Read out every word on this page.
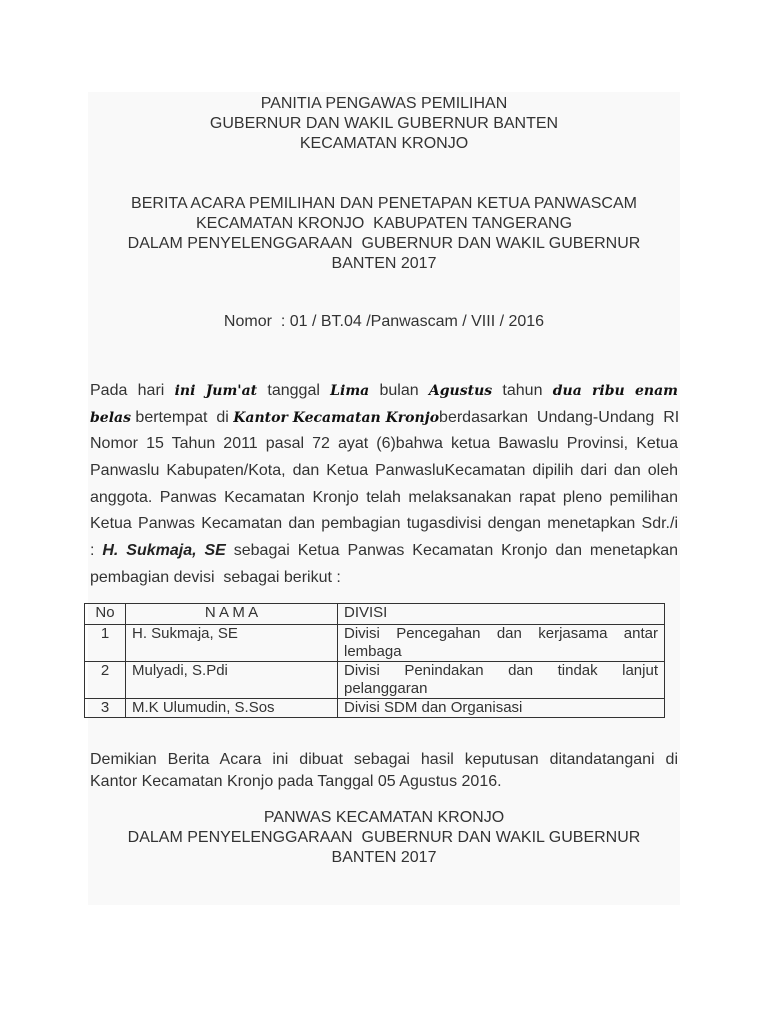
PANITIA PENGAWAS PEMILIHAN
GUBERNUR DAN WAKIL GUBERNUR BANTEN
KECAMATAN KRONJO
BERITA ACARA PEMILIHAN DAN PENETAPAN KETUA PANWASCAM
KECAMATAN KRONJO  KABUPATEN TANGERANG
DALAM PENYELENGGARAAN  GUBERNUR DAN WAKIL GUBERNUR
BANTEN 2017
Nomor  : 01 / BT.04 /Panwascam / VIII / 2016
Pada hari ini Jum'at tanggal Lima bulan Agustus tahun dua ribu enam
belas bertempat  di Kantor Kecamatan Kronjoberdasarkan  Undang-Undang  RI
Nomor 15 Tahun 2011 pasal 72 ayat (6)bahwa ketua Bawaslu Provinsi, Ketua
Panwaslu Kabupaten/Kota, dan Ketua PanwasluKecamatan dipilih dari dan oleh
anggota. Panwas Kecamatan Kronjo telah melaksanakan rapat pleno pemilihan
Ketua Panwas Kecamatan dan pembagian tugasdivisi dengan menetapkan Sdr./i
: H. Sukmaja, SE sebagai Ketua Panwas Kecamatan Kronjo dan menetapkan
pembagian devisi  sebagai berikut :
No	N A M A	DIVISI
1	H. Sukmaja, SE	Divisi Pencegahan dan kerjasama antar
lembaga
2	Mulyadi, S.Pdi	Divisi Penindakan dan tindak lanjut
pelanggaran
3	M.K Ulumudin, S.Sos	Divisi SDM dan Organisasi
Demikian Berita Acara ini dibuat sebagai hasil keputusan ditandatangani di
Kantor Kecamatan Kronjo pada Tanggal 05 Agustus 2016.
PANWAS KECAMATAN KRONJO
DALAM PENYELENGGARAAN  GUBERNUR DAN WAKIL GUBERNUR
BANTEN 2017
